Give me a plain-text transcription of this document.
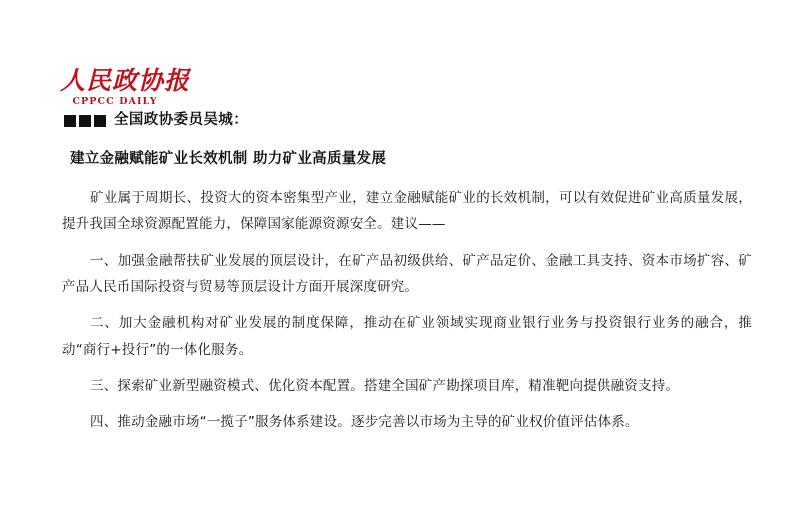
人民政协报
CPPCC DAILY
全国政协委员吴城：
建立金融赋能矿业长效机制 助力矿业高质量发展

矿业属于周期长、投资大的资本密集型产业，建立金融赋能矿业的长效机制，可以有效促进矿业高质量发展，提升我国全球资源配置能力，保障国家能源资源安全。建议——

一、加强金融帮扶矿业发展的顶层设计，在矿产品初级供给、矿产品定价、金融工具支持、资本市场扩容、矿产品人民币国际投资与贸易等顶层设计方面开展深度研究。

二、加大金融机构对矿业发展的制度保障，推动在矿业领域实现商业银行业务与投资银行业务的融合，推动“商行+投行”的一体化服务。

三、探索矿业新型融资模式、优化资本配置。搭建全国矿产勘探项目库，精准靶向提供融资支持。

四、推动金融市场“一揽子”服务体系建设。逐步完善以市场为主导的矿业权价值评估体系。
